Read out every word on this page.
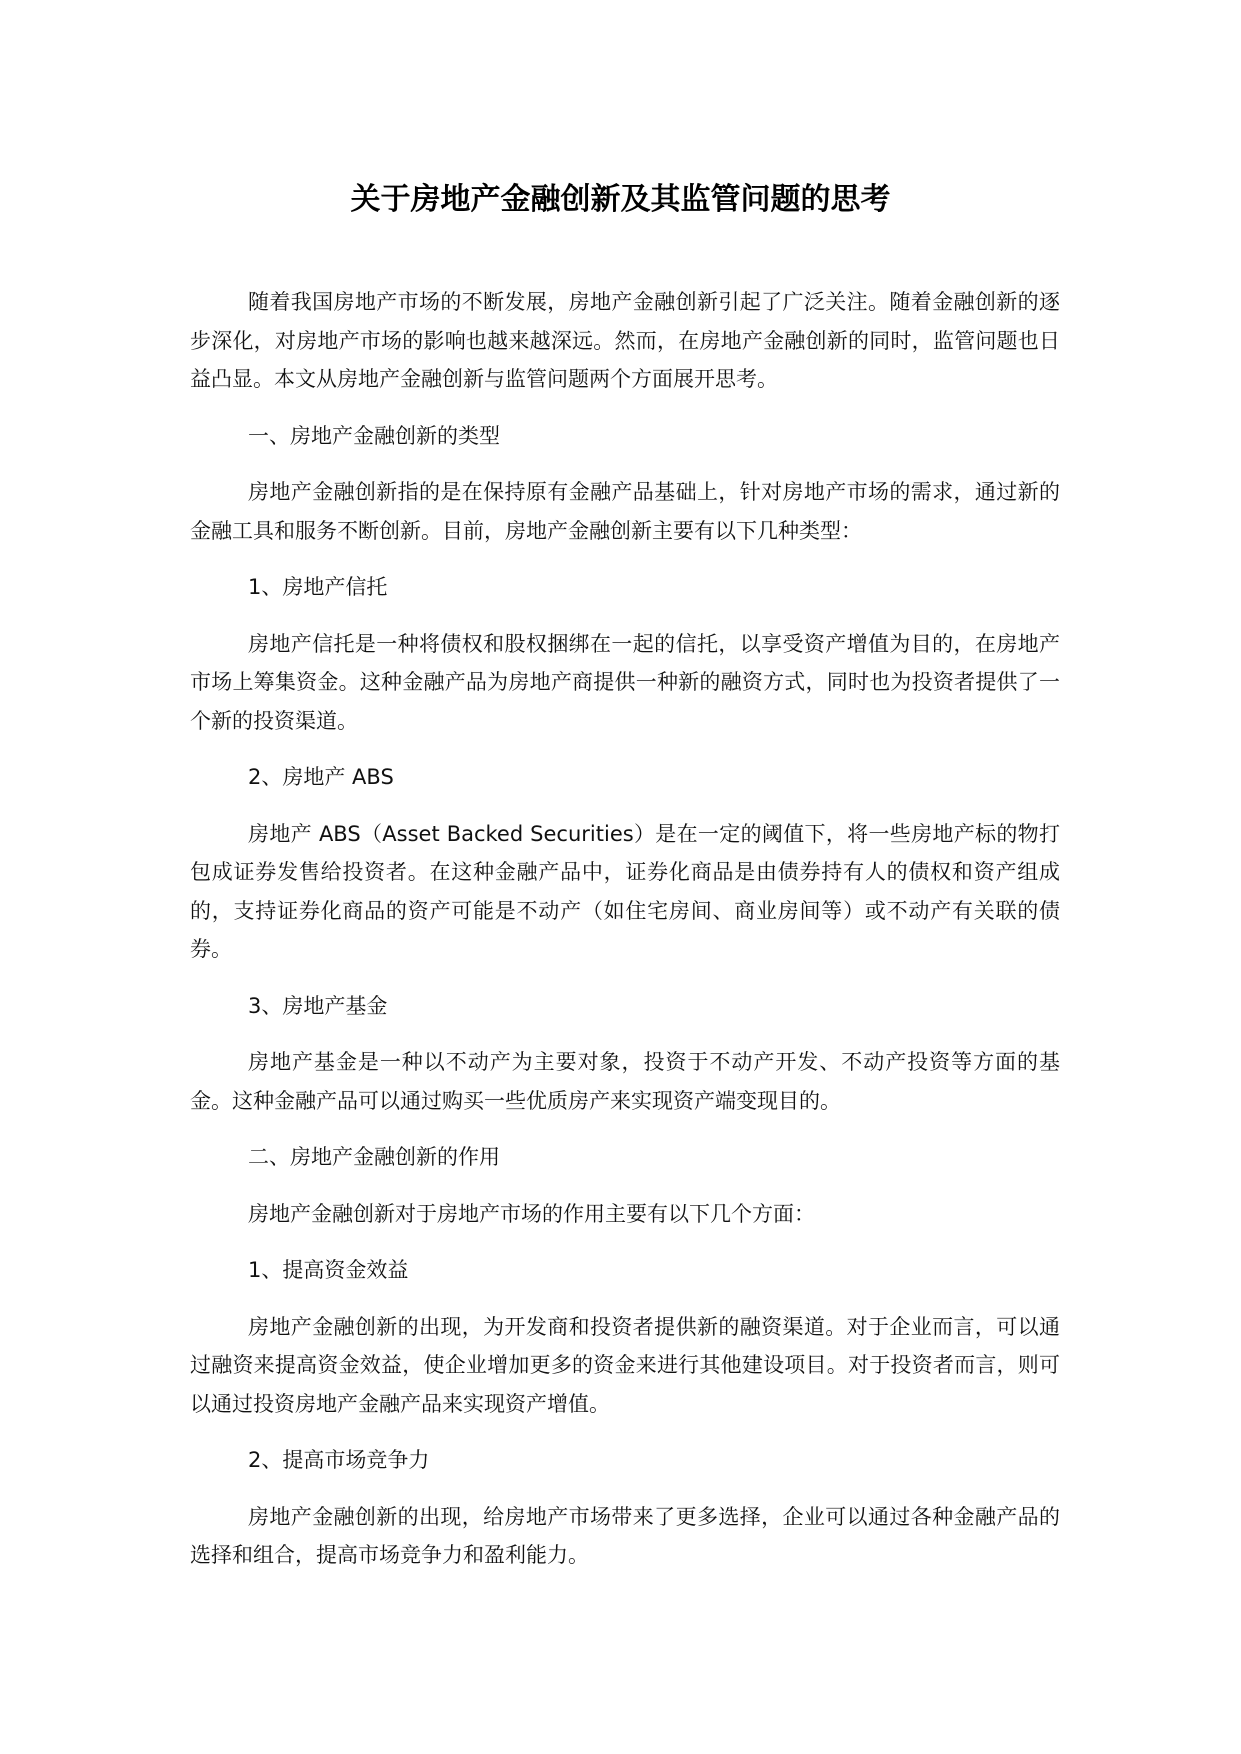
关于房地产金融创新及其监管问题的思考

随着我国房地产市场的不断发展，房地产金融创新引起了广泛关注。随着金融创新的逐步深化，对房地产市场的影响也越来越深远。然而，在房地产金融创新的同时，监管问题也日益凸显。本文从房地产金融创新与监管问题两个方面展开思考。

一、房地产金融创新的类型

房地产金融创新指的是在保持原有金融产品基础上，针对房地产市场的需求，通过新的金融工具和服务不断创新。目前，房地产金融创新主要有以下几种类型：

1、房地产信托

房地产信托是一种将债权和股权捆绑在一起的信托，以享受资产增值为目的，在房地产市场上筹集资金。这种金融产品为房地产商提供一种新的融资方式，同时也为投资者提供了一个新的投资渠道。

2、房地产 ABS

房地产 ABS（Asset Backed Securities）是在一定的阈值下，将一些房地产标的物打包成证券发售给投资者。在这种金融产品中，证券化商品是由债券持有人的债权和资产组成的，支持证券化商品的资产可能是不动产（如住宅房间、商业房间等）或不动产有关联的债券。

3、房地产基金

房地产基金是一种以不动产为主要对象，投资于不动产开发、不动产投资等方面的基金。这种金融产品可以通过购买一些优质房产来实现资产端变现目的。

二、房地产金融创新的作用

房地产金融创新对于房地产市场的作用主要有以下几个方面：

1、提高资金效益

房地产金融创新的出现，为开发商和投资者提供新的融资渠道。对于企业而言，可以通过融资来提高资金效益，使企业增加更多的资金来进行其他建设项目。对于投资者而言，则可以通过投资房地产金融产品来实现资产增值。

2、提高市场竞争力

房地产金融创新的出现，给房地产市场带来了更多选择，企业可以通过各种金融产品的选择和组合，提高市场竞争力和盈利能力。
